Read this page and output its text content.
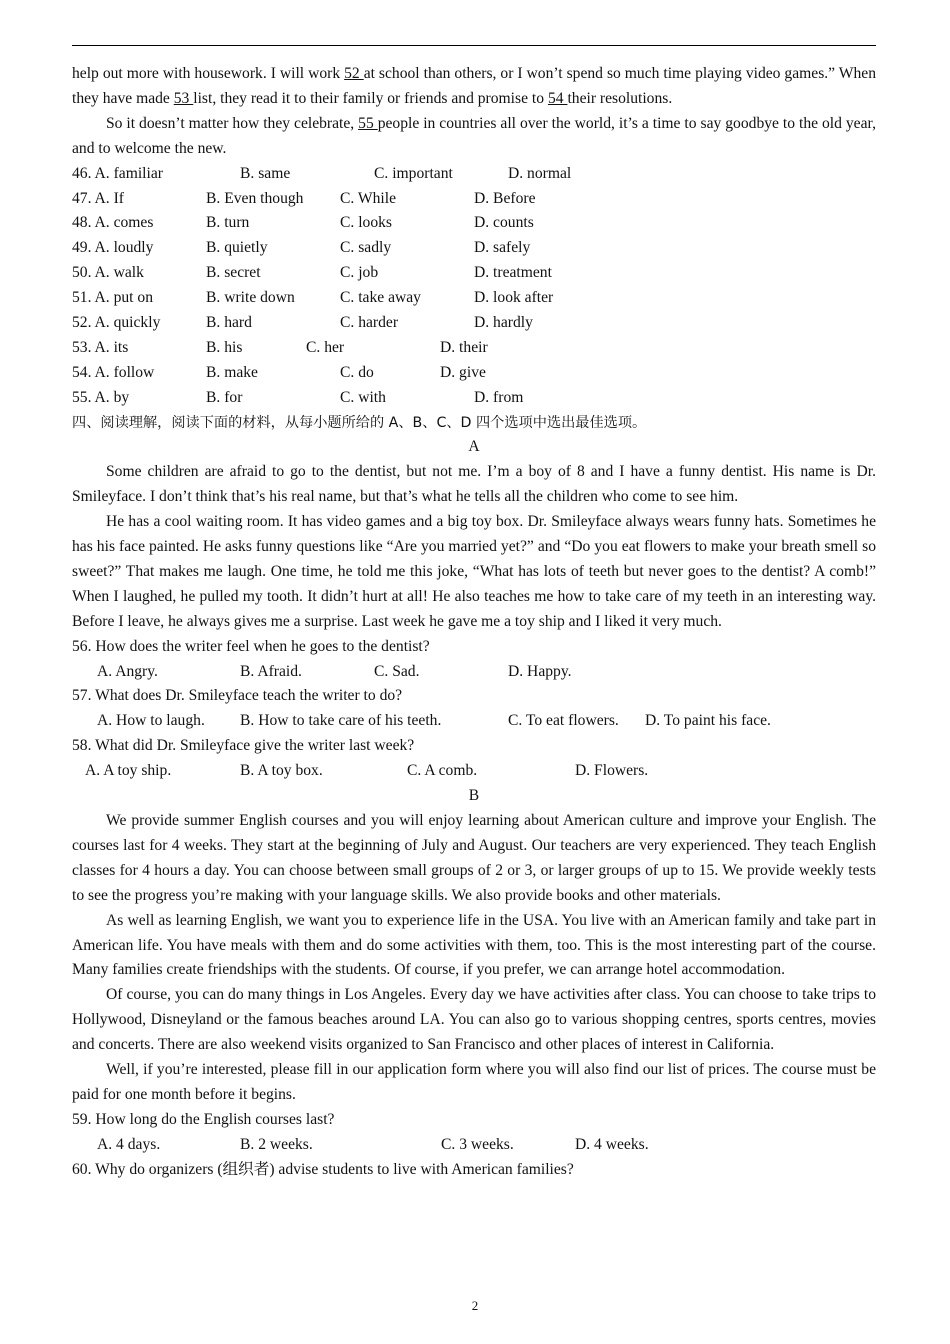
help out more with housework. I will work 52 at school than others, or I won’t spend so much time playing video games.” When they have made 53 list, they read it to their family or friends and promise to 54 their resolutions.

So it doesn’t matter how they celebrate, 55 people in countries all over the world, it’s a time to say goodbye to the old year, and to welcome the new.

46. A. familiar	B. same	C. important	D. normal
47. A. If	B. Even though C. While	D. Before
48. A. comes	B. turn	C. looks	D. counts
49. A. loudly	B. quietly	C. sadly	D. safely
50. A. walk	B. secret	C. job	D. treatment
51. A. put on	B. write down	C. take away	D. look after
52. A. quickly	B. hard	C. harder	D. hardly
53. A. its	B. his	C. her	D. their
54. A. follow	B. make	C. do	D. give
55. A. by	B. for	C. with	D. from

四、阅读理解，阅读下面的材料，从每小题所给的 A、B、C、D 四个选项中选出最佳选项。

A

Some children are afraid to go to the dentist, but not me. I’m a boy of 8 and I have a funny dentist. His name is Dr. Smileyface. I don’t think that’s his real name, but that’s what he tells all the children who come to see him.

He has a cool waiting room. It has video games and a big toy box. Dr. Smileyface always wears funny hats. Sometimes he has his face painted. He asks funny questions like “Are you married yet?” and “Do you eat flowers to make your breath smell so sweet?” That makes me laugh. One time, he told me this joke, “What has lots of teeth but never goes to the dentist? A comb!” When I laughed, he pulled my tooth. It didn’t hurt at all! He also teaches me how to take care of my teeth in an interesting way. Before I leave, he always gives me a surprise. Last week he gave me a toy ship and I liked it very much.

56. How does the writer feel when he goes to the dentist?

A. Angry.	B. Afraid.	C. Sad.	D. Happy.

57. What does Dr. Smileyface teach the writer to do?

A. How to laugh. B. How to take care of his teeth.	C. To eat flowers. D. To paint his face.

58. What did Dr. Smileyface give the writer last week?

A. A toy ship.	B. A toy box.	C. A comb.	D. Flowers.

B

We provide summer English courses and you will enjoy learning about American culture and improve your English. The courses last for 4 weeks. They start at the beginning of July and August. Our teachers are very experienced. They teach English classes for 4 hours a day. You can choose between small groups of 2 or 3, or larger groups of up to 15. We provide weekly tests to see the progress you’re making with your language skills. We also provide books and other materials.

As well as learning English, we want you to experience life in the USA. You live with an American family and take part in American life. You have meals with them and do some activities with them, too. This is the most interesting part of the course. Many families create friendships with the students. Of course, if you prefer, we can arrange hotel accommodation.

Of course, you can do many things in Los Angeles. Every day we have activities after class. You can choose to take trips to Hollywood, Disneyland or the famous beaches around LA. You can also go to various shopping centres, sports centres, movies and concerts. There are also weekend visits organized to San Francisco and other places of interest in California.

Well, if you’re interested, please fill in our application form where you will also find our list of prices. The course must be paid for one month before it begins.

59. How long do the English courses last?

A. 4 days.	B. 2 weeks.	C. 3 weeks.	D. 4 weeks.

60. Why do organizers (组织者) advise students to live with American families?

2
